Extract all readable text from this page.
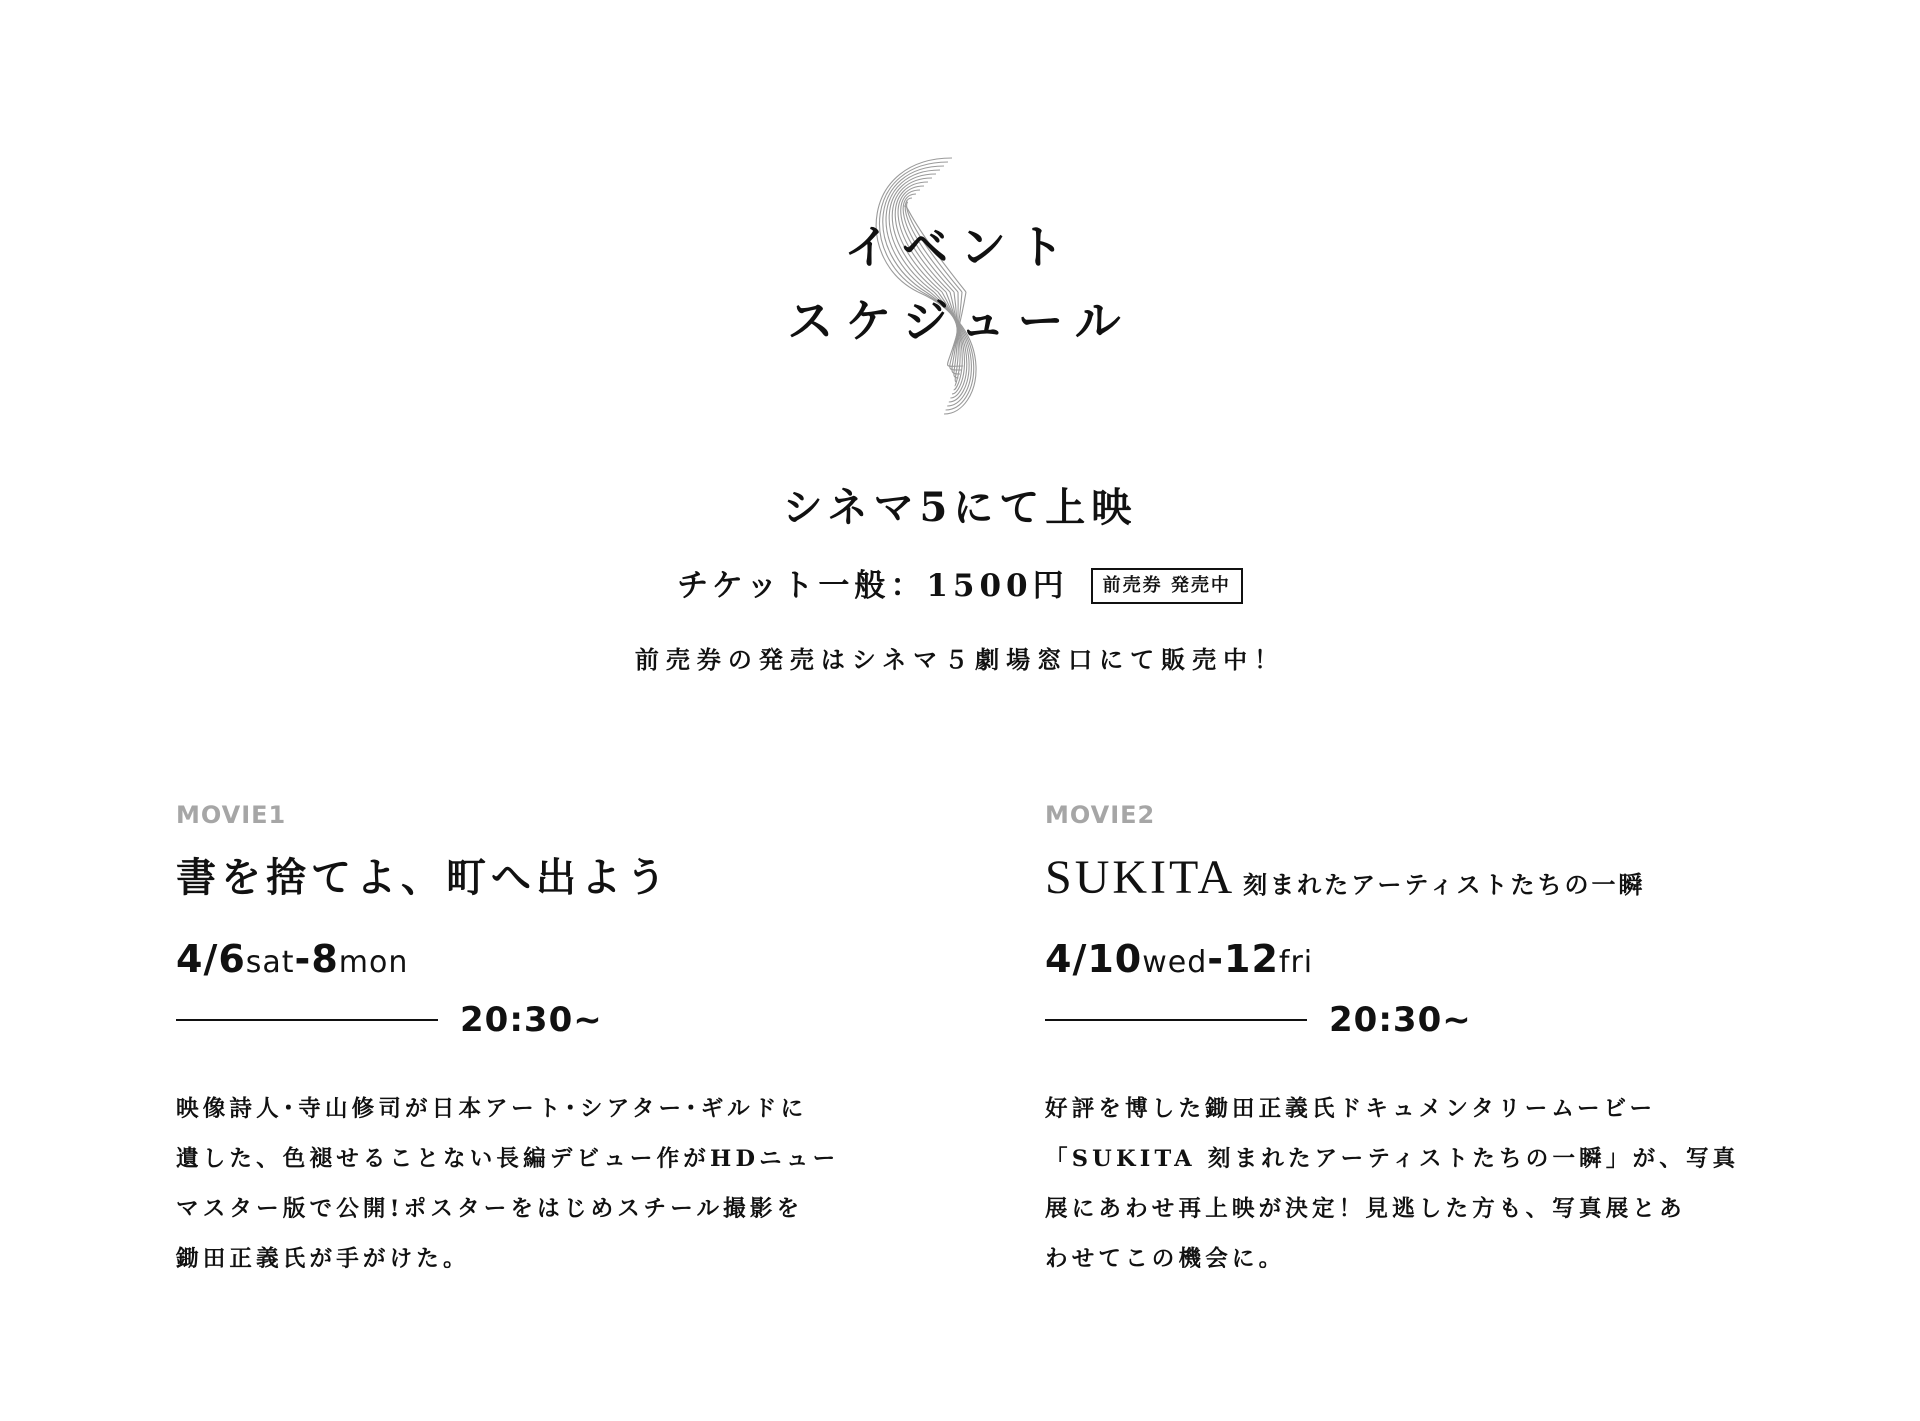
イベント
スケジュール
シネマ5にて上映
チケット一般：1500円	前売券 発売中
前売券の発売はシネマ５劇場窓口にて販売中！
MOVIE1
書を捨てよ、町へ出よう
4/6sat-8mon
20:30~
映像詩人･寺山修司が日本アート･シアター･ギルドに
遺した、色褪せることない長編デビュー作がHDニュー
マスター版で公開!ポスターをはじめスチール撮影を
鋤田正義氏が手がけた。
MOVIE2
SUKITA 刻まれたアーティストたちの一瞬
4/10wed-12fri
20:30~
好評を博した鋤田正義氏ドキュメンタリームービー
「SUKITA 刻まれたアーティストたちの一瞬」が、写真
展にあわせ再上映が決定！見逃した方も、写真展とあ
わせてこの機会に。
